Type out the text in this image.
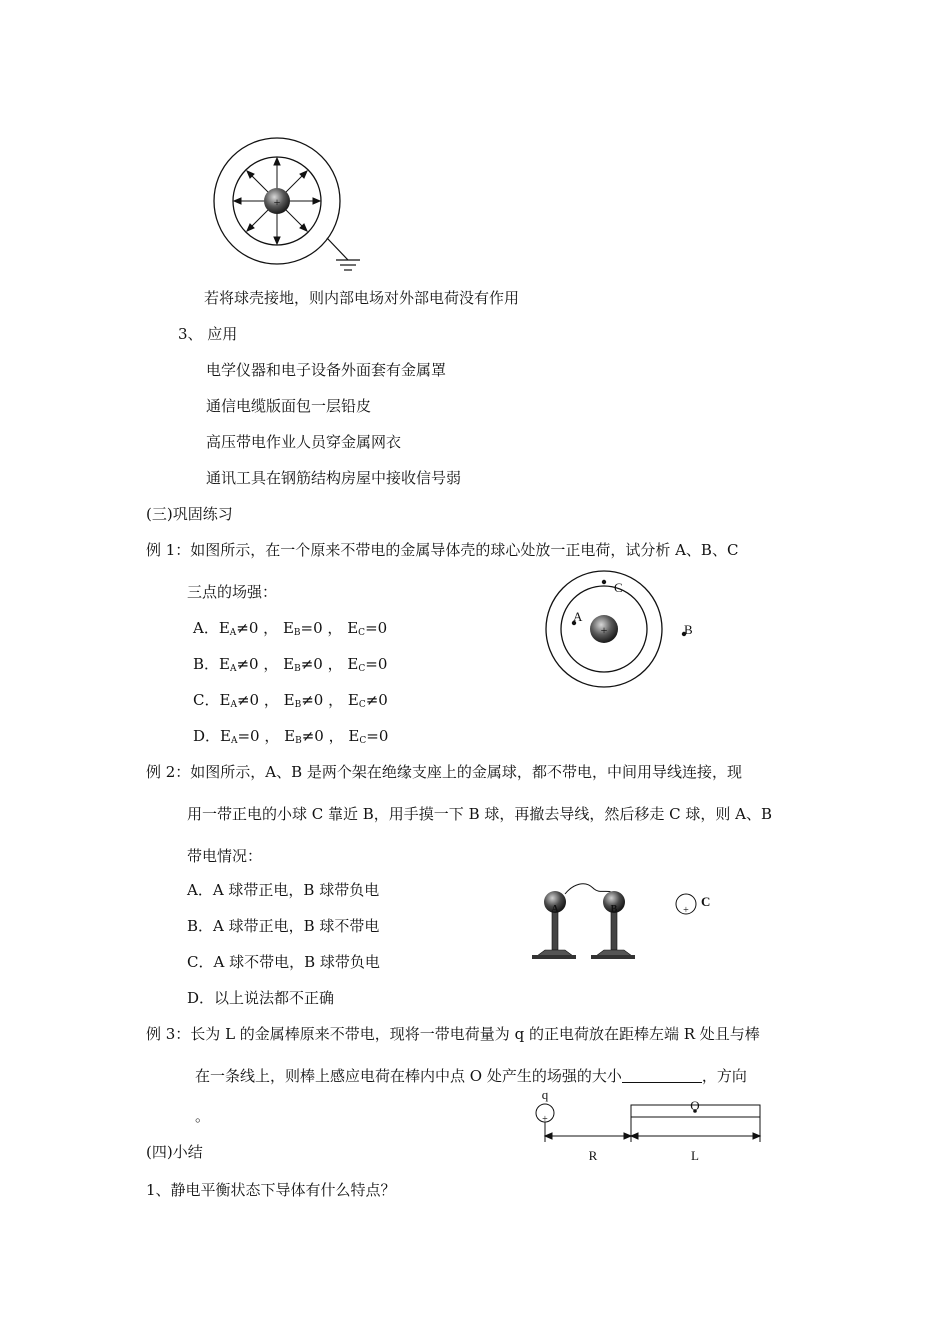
+
若将球壳接地，则内部电场对外部电荷没有作用
3、 应用
电学仪器和电子设备外面套有金属罩
通信电缆版面包一层铅皮
高压带电作业人员穿金属网衣
通讯工具在钢筋结构房屋中接收信号弱
(三)巩固练习
例 1：如图所示，在一个原来不带电的金属导体壳的球心处放一正电荷，试分析 A、B、C
三点的场强：
A．$E_A\ne 0$ ， $E_B=0$ ， $E_C=0$
B．$E_A\ne 0$ ， $E_B\ne 0$ ， $E_C=0$
C．$E_A\ne 0$ ， $E_B\ne 0$ ， $E_C\ne 0$
D．$E_A=0$ ， $E_B\ne 0$ ， $E_C=0$
+
A
C
B
例 2：如图所示，A、B 是两个架在绝缘支座上的金属球，都不带电，中间用导线连接，现
用一带正电的小球 C 靠近 B，用手摸一下 B 球，再撤去导线，然后移走 C 球，则 A、B
带电情况：
A．A 球带正电，B 球带负电
B．A 球带正电，B 球不带电
C．A 球不带电，B 球带负电
D．以上说法都不正确
A	B	+
C
例 3：长为 L 的金属棒原来不带电，现将一带电荷量为 q 的正电荷放在距棒左端 R 处且与棒
在一条线上，则棒上感应电荷在棒内中点 O 处产生的场强的大小	，方向
。
q
+
O
R	L
(四)小结
1、静电平衡状态下导体有什么特点？
